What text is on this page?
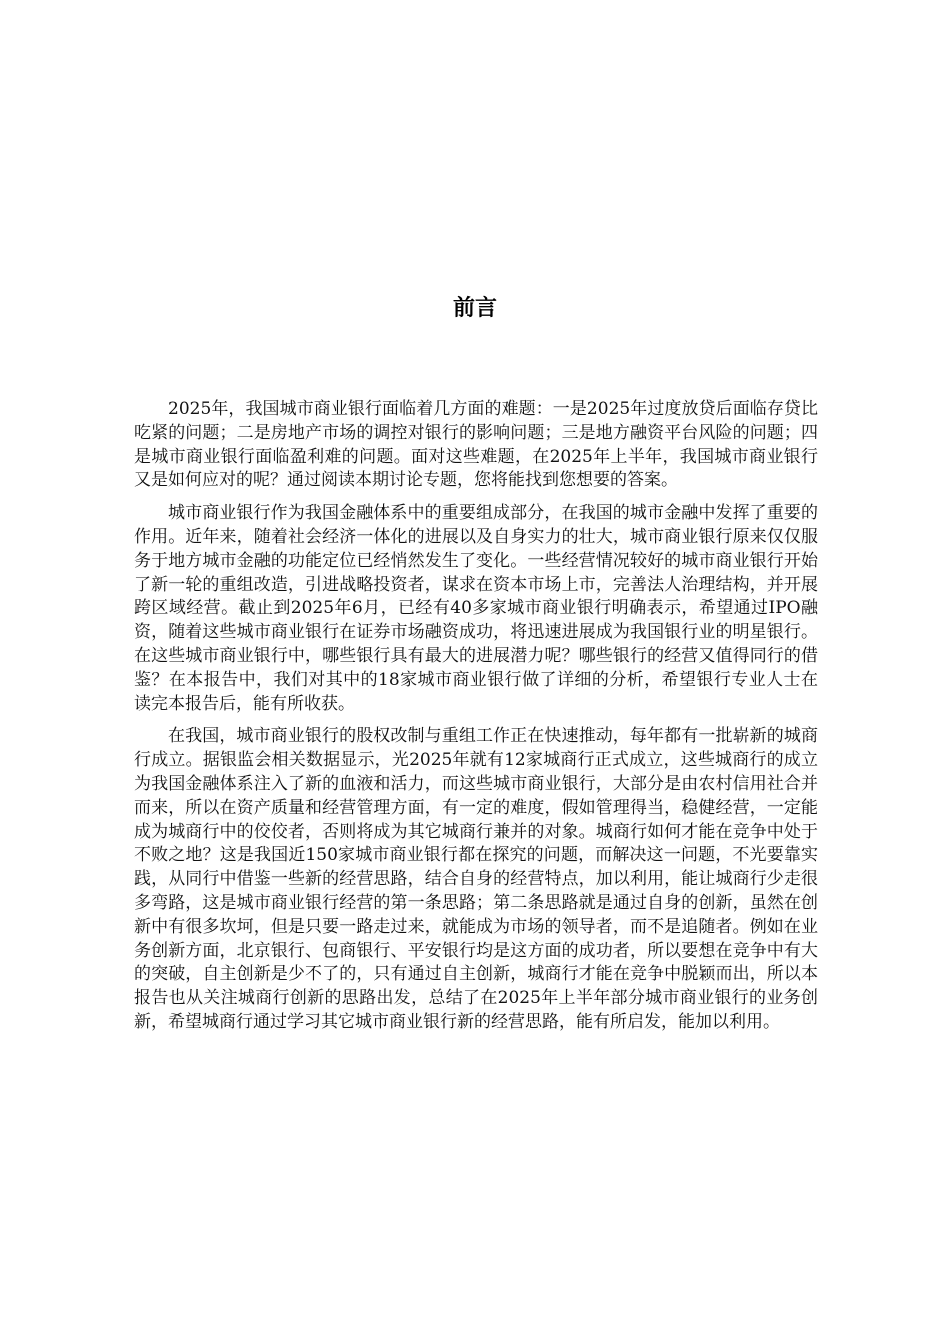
前言

2025年，我国城市商业银行面临着几方面的难题：一是2025年过度放贷后面临存贷比吃紧的问题；二是房地产市场的调控对银行的影响问题；三是地方融资平台风险的问题；四是城市商业银行面临盈利难的问题。面对这些难题，在2025年上半年，我国城市商业银行又是如何应对的呢？通过阅读本期讨论专题，您将能找到您想要的答案。

城市商业银行作为我国金融体系中的重要组成部分，在我国的城市金融中发挥了重要的作用。近年来，随着社会经济一体化的进展以及自身实力的壮大，城市商业银行原来仅仅服务于地方城市金融的功能定位已经悄然发生了变化。一些经营情况较好的城市商业银行开始了新一轮的重组改造，引进战略投资者，谋求在资本市场上市，完善法人治理结构，并开展跨区域经营。截止到2025年6月，已经有40多家城市商业银行明确表示，希望通过IPO融资，随着这些城市商业银行在证券市场融资成功，将迅速进展成为我国银行业的明星银行。在这些城市商业银行中，哪些银行具有最大的进展潜力呢？哪些银行的经营又值得同行的借鉴？在本报告中，我们对其中的18家城市商业银行做了详细的分析，希望银行专业人士在读完本报告后，能有所收获。

在我国，城市商业银行的股权改制与重组工作正在快速推动，每年都有一批崭新的城商行成立。据银监会相关数据显示，光2025年就有12家城商行正式成立，这些城商行的成立为我国金融体系注入了新的血液和活力，而这些城市商业银行，大部分是由农村信用社合并而来，所以在资产质量和经营管理方面，有一定的难度，假如管理得当，稳健经营，一定能成为城商行中的佼佼者，否则将成为其它城商行兼并的对象。城商行如何才能在竞争中处于不败之地？这是我国近150家城市商业银行都在探究的问题，而解决这一问题，不光要靠实践，从同行中借鉴一些新的经营思路，结合自身的经营特点，加以利用，能让城商行少走很多弯路，这是城市商业银行经营的第一条思路；第二条思路就是通过自身的创新，虽然在创新中有很多坎坷，但是只要一路走过来，就能成为市场的领导者，而不是追随者。例如在业务创新方面，北京银行、包商银行、平安银行均是这方面的成功者，所以要想在竞争中有大的突破，自主创新是少不了的，只有通过自主创新，城商行才能在竞争中脱颖而出，所以本报告也从关注城商行创新的思路出发，总结了在2025年上半年部分城市商业银行的业务创新，希望城商行通过学习其它城市商业银行新的经营思路，能有所启发，能加以利用。
